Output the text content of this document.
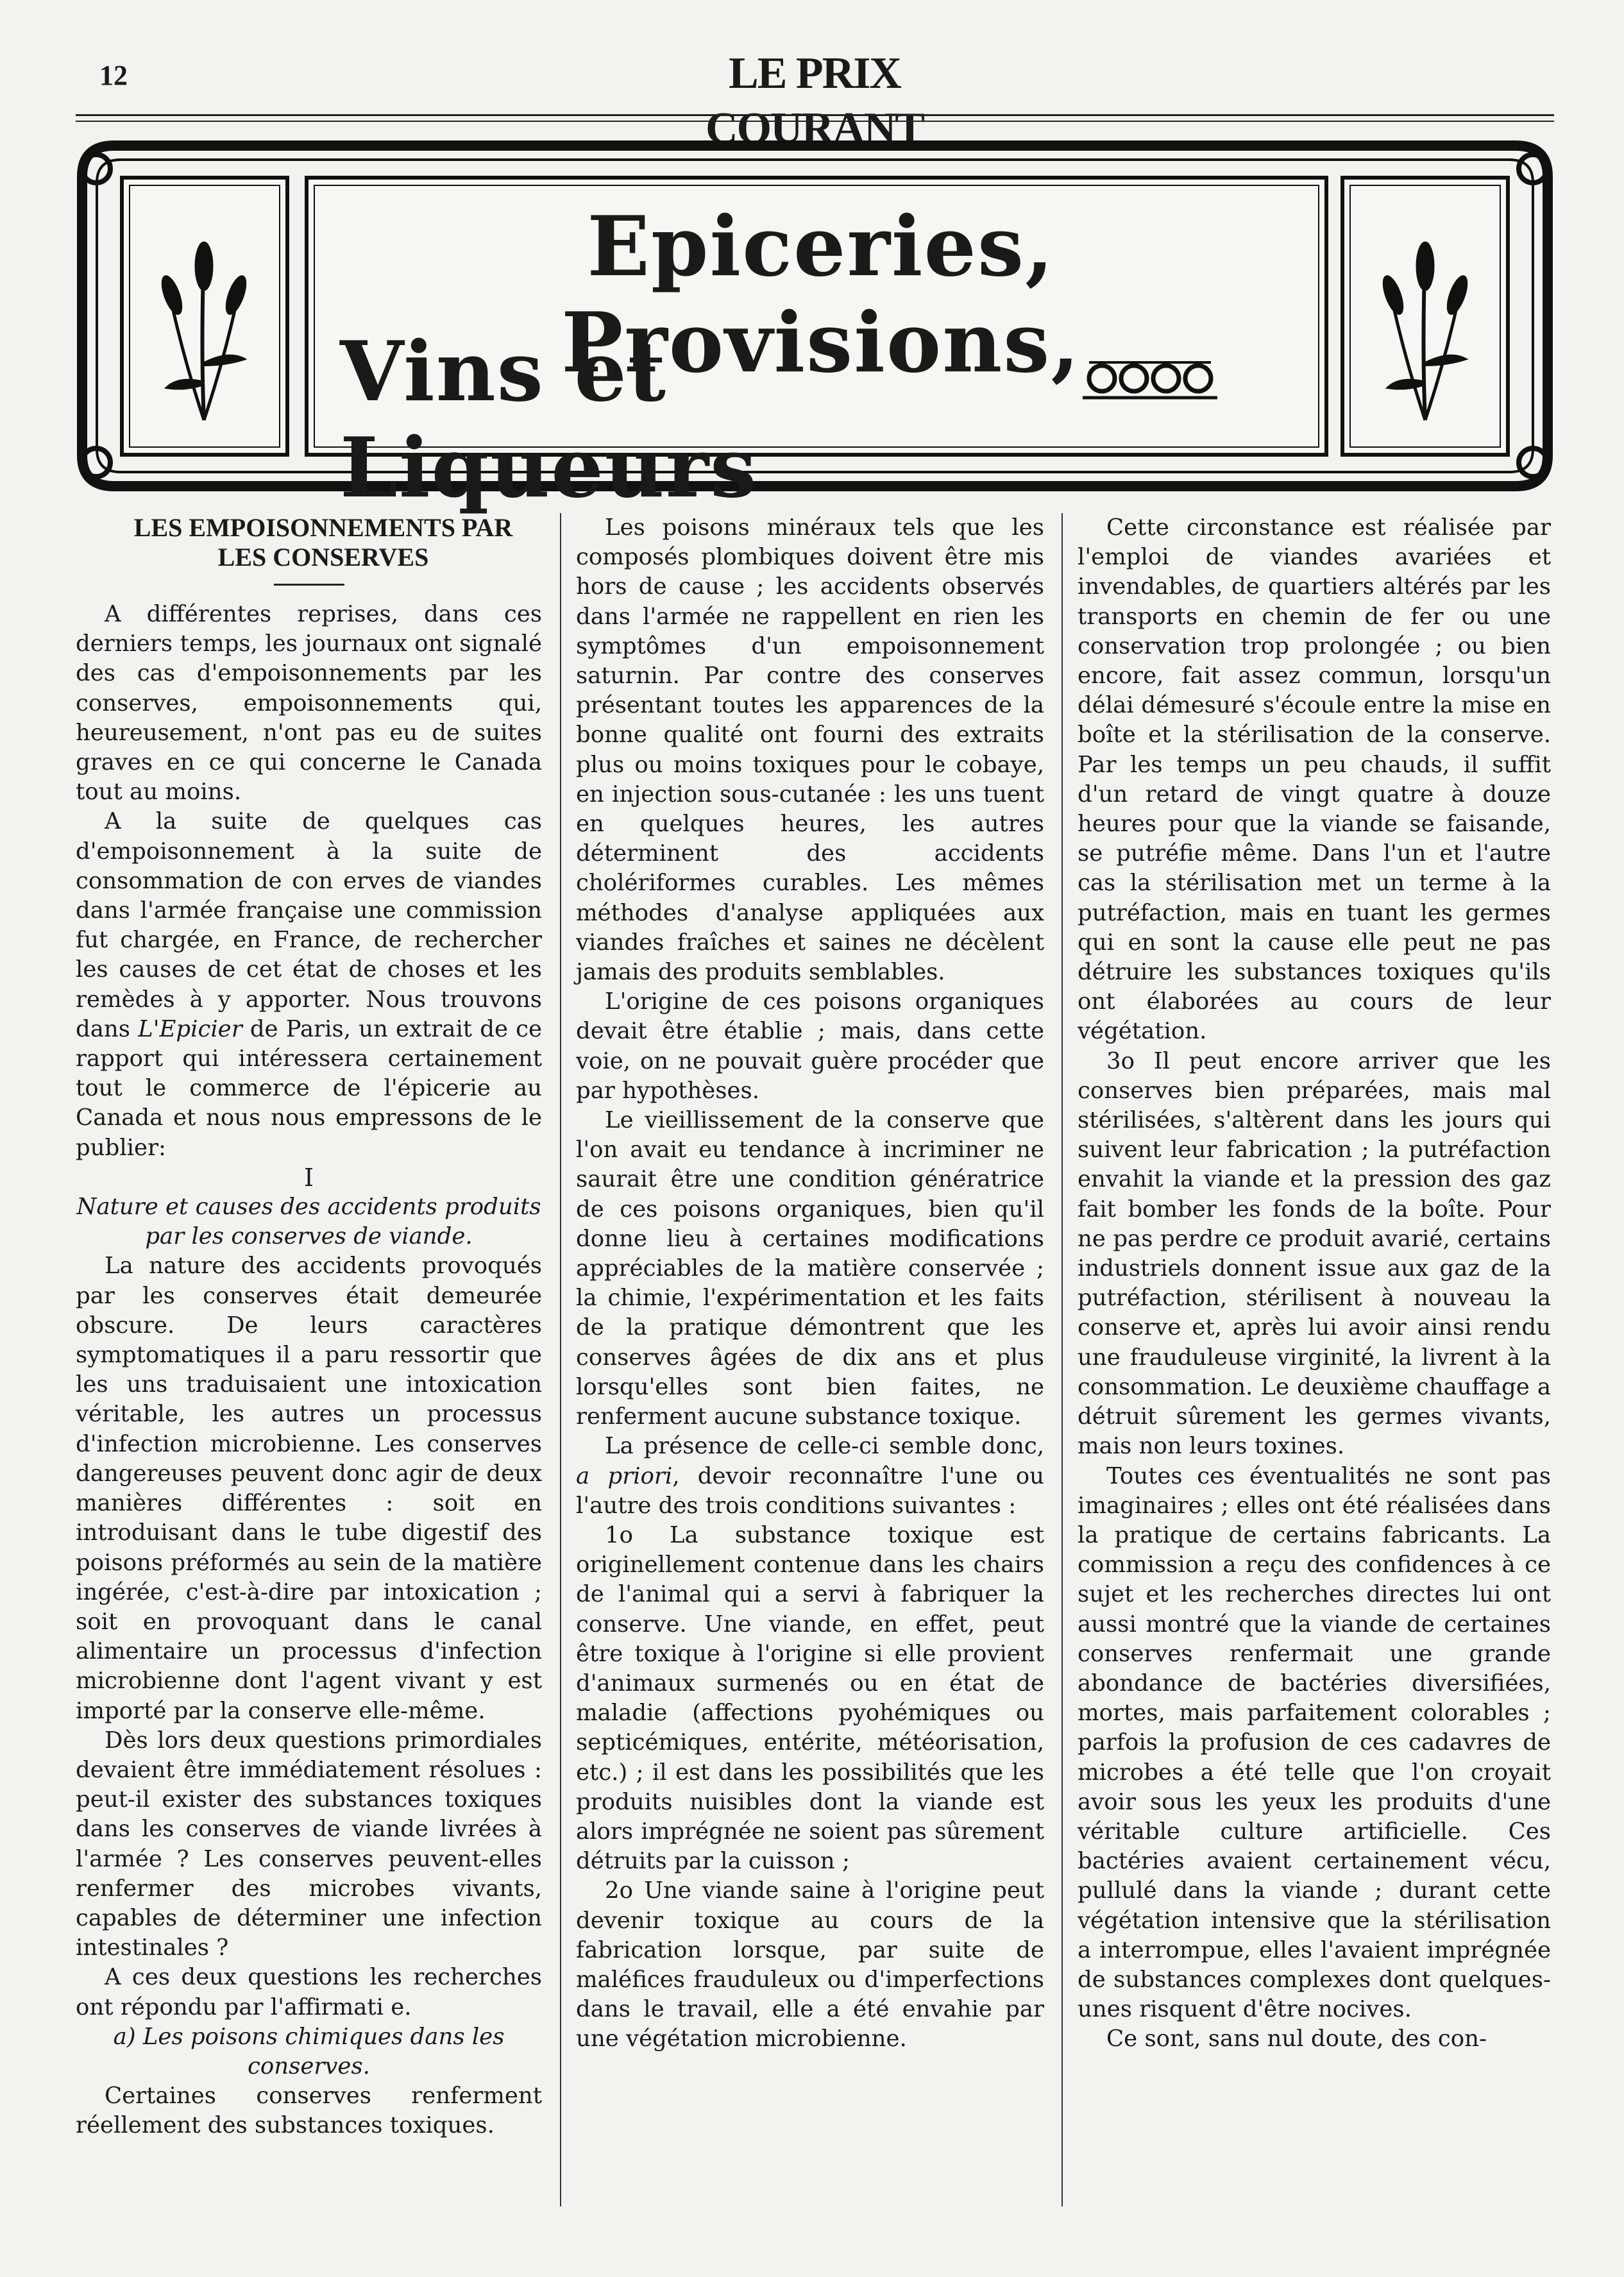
12	LE PRIX COURANT
Epiceries, Provisions,
Vins et Liqueurs

LES EMPOISONNEMENTS PAR

LES CONSERVES

A différentes reprises, dans ces derniers temps, les journaux ont signalé des cas d'empoisonnements par les conserves, empoisonnements qui, heureusement, n'ont pas eu de suites graves en ce qui concerne le Canada tout au moins.

A la suite de quelques cas d'empoisonnement à la suite de consommation de con erves de viandes dans l'armée française une commission fut chargée, en France, de rechercher les causes de cet état de choses et les remèdes à y apporter. Nous trouvons dans L'Epicier de Paris, un extrait de ce rapport qui intéressera certainement tout le commerce de l'épicerie au Canada et nous nous empressons de le publier:

I

Nature et causes des accidents produits

par les conserves de viande.

La nature des accidents provoqués par les conserves était demeurée obscure. De leurs caractères symptomatiques il a paru ressortir que les uns traduisaient une intoxication véritable, les autres un processus d'infection microbienne. Les conserves dangereuses peuvent donc agir de deux manières différentes : soit en introduisant dans le tube digestif des poisons préformés au sein de la matière ingérée, c'est-à-dire par intoxication ; soit en provoquant dans le canal alimentaire un processus d'infection microbienne dont l'agent vivant y est importé par la conserve elle-même.

Dès lors deux questions primordiales devaient être immédiatement résolues : peut-il exister des substances toxiques dans les conserves de viande livrées à l'armée ? Les conserves peuvent-elles renfermer des microbes vivants, capables de déterminer une infection intestinales ?

A ces deux questions les recherches ont répondu par l'affirmati e.

a) Les poisons chimiques dans les

conserves.

Certaines conserves renferment réellement des substances toxiques.

Les poisons minéraux tels que les composés plombiques doivent être mis hors de cause ; les accidents observés dans l'armée ne rappellent en rien les symptômes d'un empoisonnement saturnin. Par contre des conserves présentant toutes les apparences de la bonne qualité ont fourni des extraits plus ou moins toxiques pour le cobaye, en injection sous-cutanée : les uns tuent en quelques heures, les autres déterminent des accidents cholériformes curables. Les mêmes méthodes d'analyse appliquées aux viandes fraîches et saines ne décèlent jamais des produits semblables.

L'origine de ces poisons organiques devait être établie ; mais, dans cette voie, on ne pouvait guère procéder que par hypothèses.

Le vieillissement de la conserve que l'on avait eu tendance à incriminer ne saurait être une condition génératrice de ces poisons organiques, bien qu'il donne lieu à certaines modifications appréciables de la matière conservée ; la chimie, l'expérimentation et les faits de la pratique démontrent que les conserves âgées de dix ans et plus lorsqu'elles sont bien faites, ne renferment aucune substance toxique.

La présence de celle-ci semble donc, a priori, devoir reconnaître l'une ou l'autre des trois conditions suivantes :

1o La substance toxique est originellement contenue dans les chairs de l'animal qui a servi à fabriquer la conserve. Une viande, en effet, peut être toxique à l'origine si elle provient d'animaux surmenés ou en état de maladie (affections pyohémiques ou septicémiques, entérite, météorisation, etc.) ; il est dans les possibilités que les produits nuisibles dont la viande est alors imprégnée ne soient pas sûrement détruits par la cuisson ;

2o Une viande saine à l'origine peut devenir toxique au cours de la fabrication lorsque, par suite de maléfices frauduleux ou d'imperfections dans le travail, elle a été envahie par une végétation microbienne.

Cette circonstance est réalisée par l'emploi de viandes avariées et invendables, de quartiers altérés par les transports en chemin de fer ou une conservation trop prolongée ; ou bien encore, fait assez commun, lorsqu'un délai démesuré s'écoule entre la mise en boîte et la stérilisation de la conserve. Par les temps un peu chauds, il suffit d'un retard de vingt quatre à douze heures pour que la viande se faisande, se putréfie même. Dans l'un et l'autre cas la stérilisation met un terme à la putréfaction, mais en tuant les germes qui en sont la cause elle peut ne pas détruire les substances toxiques qu'ils ont élaborées au cours de leur végétation.

3o Il peut encore arriver que les conserves bien préparées, mais mal stérilisées, s'altèrent dans les jours qui suivent leur fabrication ; la putréfaction envahit la viande et la pression des gaz fait bomber les fonds de la boîte. Pour ne pas perdre ce produit avarié, certains industriels donnent issue aux gaz de la putréfaction, stérilisent à nouveau la conserve et, après lui avoir ainsi rendu une frauduleuse virginité, la livrent à la consommation. Le deuxième chauffage a détruit sûrement les germes vivants, mais non leurs toxines.

Toutes ces éventualités ne sont pas imaginaires ; elles ont été réalisées dans la pratique de certains fabricants. La commission a reçu des confidences à ce sujet et les recherches directes lui ont aussi montré que la viande de certaines conserves renfermait une grande abondance de bactéries diversifiées, mortes, mais parfaitement colorables ; parfois la profusion de ces cadavres de microbes a été telle que l'on croyait avoir sous les yeux les produits d'une véritable culture artificielle. Ces bactéries avaient certainement vécu, pullulé dans la viande ; durant cette végétation intensive que la stérilisation a interrompue, elles l'avaient imprégnée de substances complexes dont quelques-unes risquent d'être nocives.

Ce sont, sans nul doute, des con-
